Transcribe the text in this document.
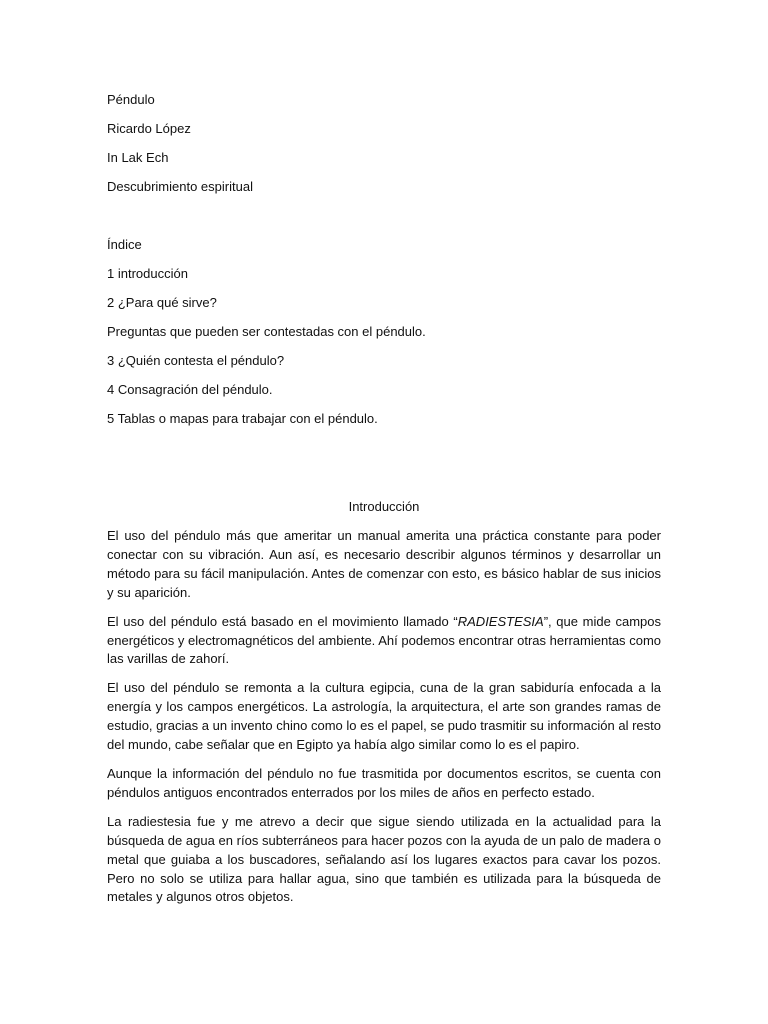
Péndulo

Ricardo López

In Lak Ech

Descubrimiento espiritual

Índice

1 introducción

2 ¿Para qué sirve?

Preguntas que pueden ser contestadas con el péndulo.

3 ¿Quién contesta el péndulo?

4 Consagración del péndulo.

5 Tablas o mapas para trabajar con el péndulo.

Introducción

El uso del péndulo más que ameritar un manual amerita una práctica constante para poder conectar con su vibración. Aun así, es necesario describir algunos términos y desarrollar un método para su fácil manipulación. Antes de comenzar con esto, es básico hablar de sus inicios y su aparición.

El uso del péndulo está basado en el movimiento llamado “RADIESTESIA”, que mide campos energéticos y electromagnéticos del ambiente. Ahí podemos encontrar otras herramientas como las varillas de zahorí.

El uso del péndulo se remonta a la cultura egipcia, cuna de la gran sabiduría enfocada a la energía y los campos energéticos. La astrología, la arquitectura, el arte son grandes ramas de estudio, gracias a un invento chino como lo es el papel, se pudo trasmitir su información al resto del mundo, cabe señalar que en Egipto ya había algo similar como lo es el papiro.

Aunque la información del péndulo no fue trasmitida por documentos escritos, se cuenta con péndulos antiguos encontrados enterrados por los miles de años en perfecto estado.

La radiestesia fue y me atrevo a decir que sigue siendo utilizada en la actualidad para la búsqueda de agua en ríos subterráneos para hacer pozos con la ayuda de un palo de madera o metal que guiaba a los buscadores, señalando así los lugares exactos para cavar los pozos. Pero no solo se utiliza para hallar agua, sino que también es utilizada para la búsqueda de metales y algunos otros objetos.
